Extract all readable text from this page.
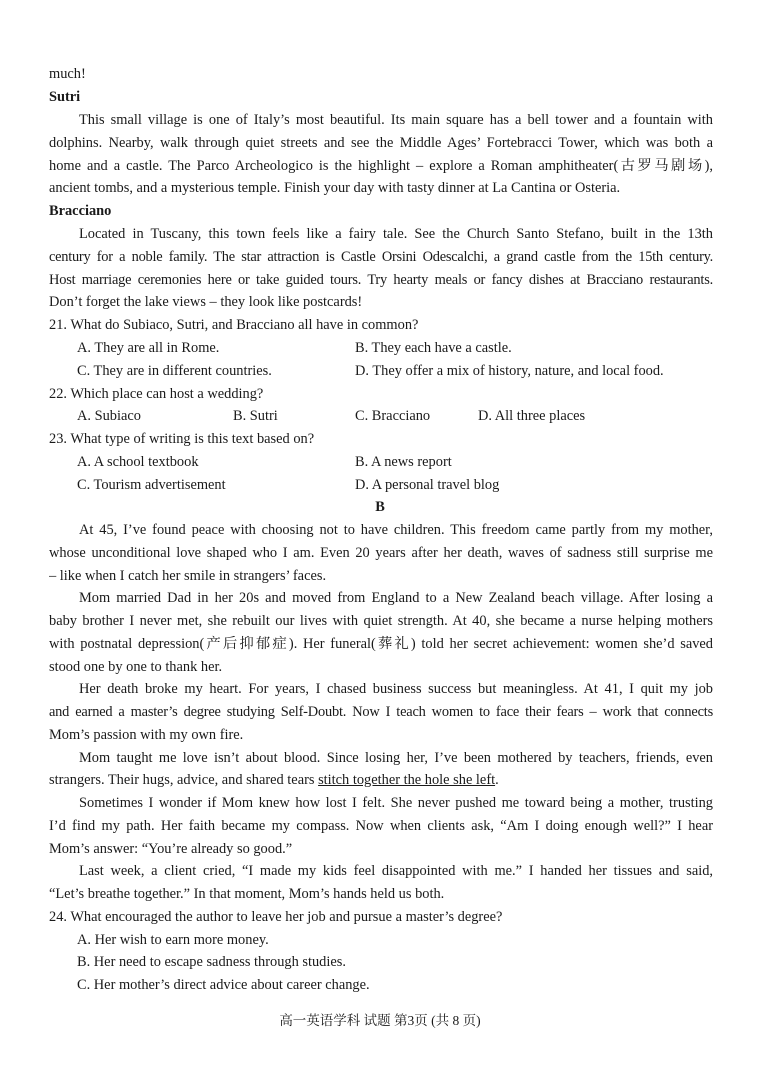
much!
Sutri
This small village is one of Italy’s most beautiful. Its main square has a bell tower and a fountain with
dolphins. Nearby, walk through quiet streets and see the Middle Ages’ Fortebracci Tower, which was both a
home and a castle. The Parco Archeologico is the highlight – explore a Roman amphitheater(古罗马剧场),
ancient tombs, and a mysterious temple. Finish your day with tasty dinner at La Cantina or Osteria.
Bracciano
Located in Tuscany, this town feels like a fairy tale. See the Church Santo Stefano, built in the 13th
century for a noble family. The star attraction is Castle Orsini Odescalchi, a grand castle from the 15th century.
Host marriage ceremonies here or take guided tours. Try hearty meals or fancy dishes at Bracciano restaurants.
Don’t forget the lake views – they look like postcards!
21. What do Subiaco, Sutri, and Bracciano all have in common?
A. They are all in Rome.	B. They each have a castle.
C. They are in different countries.	D. They offer a mix of history, nature, and local food.
22. Which place can host a wedding?
A. Subiaco	B. Sutri	C. Bracciano	D. All three places
23. What type of writing is this text based on?
A. A school textbook	B. A news report
C. Tourism advertisement	D. A personal travel blog
B
At 45, I’ve found peace with choosing not to have children. This freedom came partly from my mother,
whose unconditional love shaped who I am. Even 20 years after her death, waves of sadness still surprise me
– like when I catch her smile in strangers’ faces.
Mom married Dad in her 20s and moved from England to a New Zealand beach village. After losing a
baby brother I never met, she rebuilt our lives with quiet strength. At 40, she became a nurse helping mothers
with postnatal depression(产后抑郁症). Her funeral(葬礼) told her secret achievement: women she’d saved
stood one by one to thank her.
Her death broke my heart. For years, I chased business success but meaningless. At 41, I quit my job
and earned a master’s degree studying Self-Doubt. Now I teach women to face their fears – work that connects
Mom’s passion with my own fire.
Mom taught me love isn’t about blood. Since losing her, I’ve been mothered by teachers, friends, even
strangers. Their hugs, advice, and shared tears stitch together the hole she left.
Sometimes I wonder if Mom knew how lost I felt. She never pushed me toward being a mother, trusting
I’d find my path. Her faith became my compass. Now when clients ask, “Am I doing enough well?” I hear
Mom’s answer: “You’re already so good.”
Last week, a client cried, “I made my kids feel disappointed with me.” I handed her tissues and said,
“Let’s breathe together.” In that moment, Mom’s hands held us both.
24. What encouraged the author to leave her job and pursue a master’s degree?
A. Her wish to earn more money.
B. Her need to escape sadness through studies.
C. Her mother’s direct advice about career change.
高一英语学科 试题 第3页 (共 8 页)
